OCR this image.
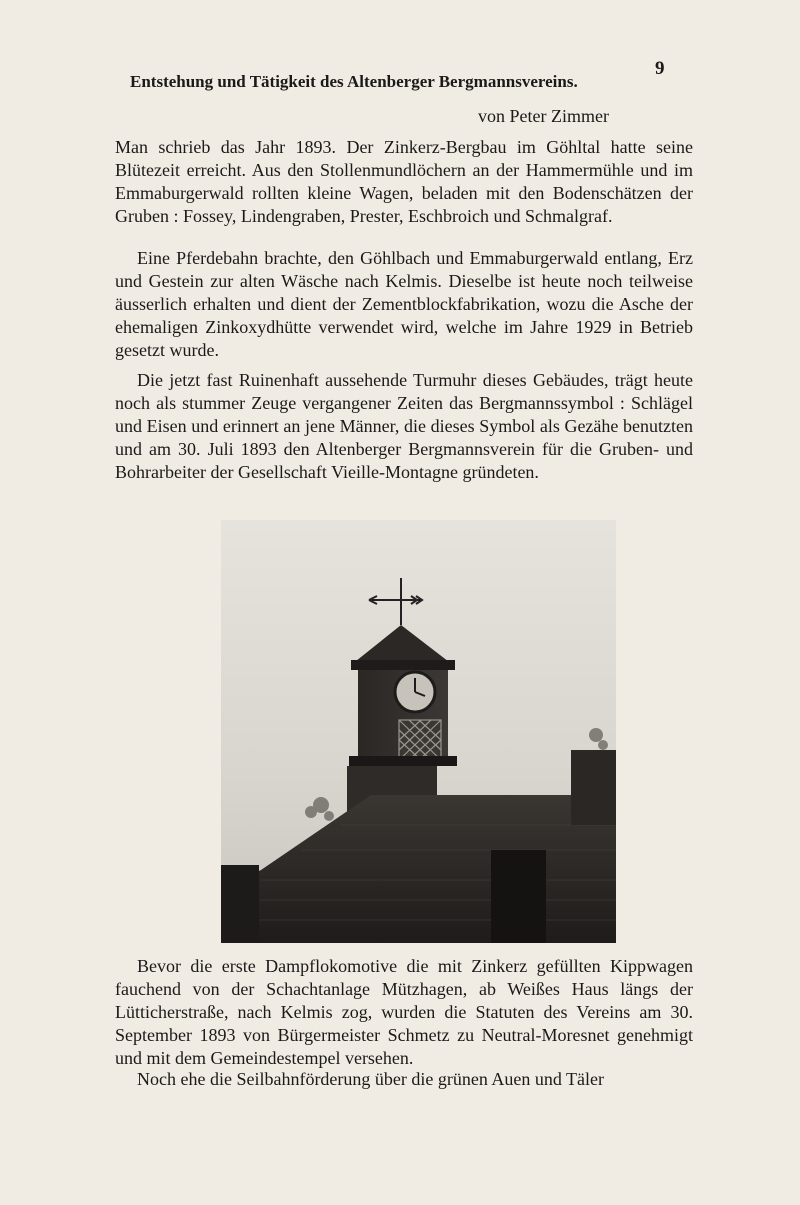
9
Entstehung und Tätigkeit des Altenberger Bergmannsvereins.
von Peter Zimmer

Man schrieb das Jahr 1893. Der Zinkerz-Bergbau im Göhltal hatte seine Blütezeit erreicht. Aus den Stollenmundlöchern an der Hammermühle und im Emmaburgerwald rollten kleine Wagen, beladen mit den Bodenschätzen der Gruben : Fossey, Lindengraben, Prester, Eschbroich und Schmalgraf.

Eine Pferdebahn brachte, den Göhlbach und Emmaburgerwald entlang, Erz und Gestein zur alten Wäsche nach Kelmis. Dieselbe ist heute noch teilweise äusserlich erhalten und dient der Zementblockfabrikation, wozu die Asche der ehemaligen Zinkoxydhütte verwendet wird, welche im Jahre 1929 in Betrieb gesetzt wurde.

Die jetzt fast Ruinenhaft aussehende Turmuhr dieses Gebäudes, trägt heute noch als stummer Zeuge vergangener Zeiten das Bergmannssymbol : Schlägel und Eisen und erinnert an jene Männer, die dieses Symbol als Gezähe benutzten und am 30. Juli 1893 den Altenberger Bergmannsverein für die Gruben- und Bohrarbeiter der Gesellschaft Vieille-Montagne gründeten.

Bevor die erste Dampflokomotive die mit Zinkerz gefüllten Kippwagen fauchend von der Schachtanlage Mützhagen, ab Weißes Haus längs der Lütticherstraße, nach Kelmis zog, wurden die Statuten des Vereins am 30. September 1893 von Bürgermeister Schmetz zu Neutral-Moresnet genehmigt und mit dem Gemeindestempel versehen.

Noch ehe die Seilbahnförderung über die grünen Auen und Täler
